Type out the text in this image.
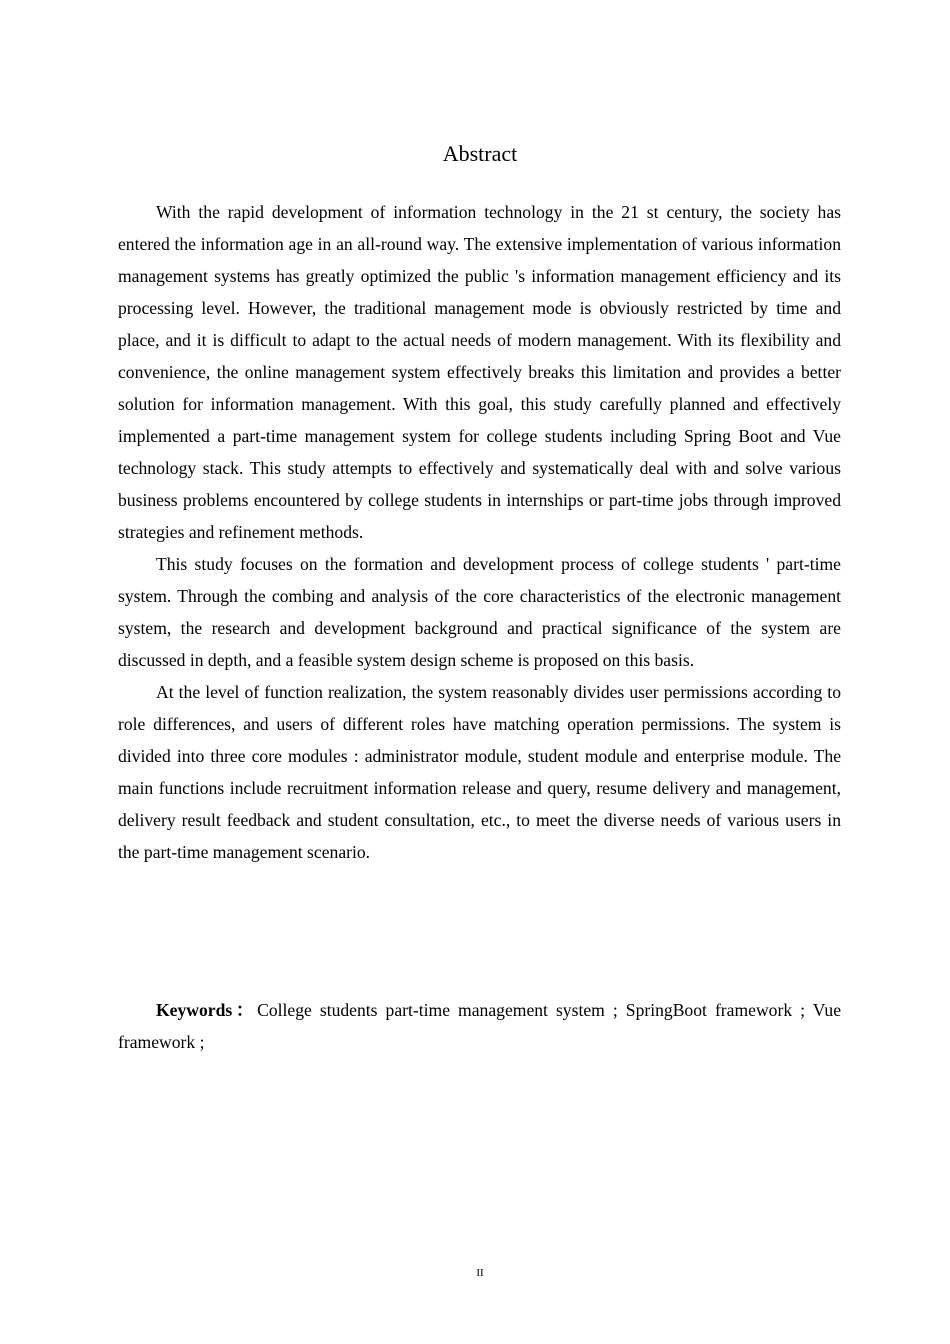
Abstract

With the rapid development of information technology in the 21 st century, the society has entered the information age in an all-round way. The extensive implementation of various information management systems has greatly optimized the public 's information management efficiency and its processing level. However, the traditional management mode is obviously restricted by time and place, and it is difficult to adapt to the actual needs of modern management. With its flexibility and convenience, the online management system effectively breaks this limitation and provides a better solution for information management. With this goal, this study carefully planned and effectively implemented a part-time management system for college students including Spring Boot and Vue technology stack. This study attempts to effectively and systematically deal with and solve various business problems encountered by college students in internships or part-time jobs through improved strategies and refinement methods.

This study focuses on the formation and development process of college students ' part-time system. Through the combing and analysis of the core characteristics of the electronic management system, the research and development background and practical significance of the system are discussed in depth, and a feasible system design scheme is proposed on this basis.

At the level of function realization, the system reasonably divides user permissions according to role differences, and users of different roles have matching operation permissions. The system is divided into three core modules : administrator module, student module and enterprise module. The main functions include recruitment information release and query, resume delivery and management, delivery result feedback and student consultation, etc., to meet the diverse needs of various users in the part-time management scenario.

Keywords：College students part-time management system ; SpringBoot framework ; Vue framework ;

II
